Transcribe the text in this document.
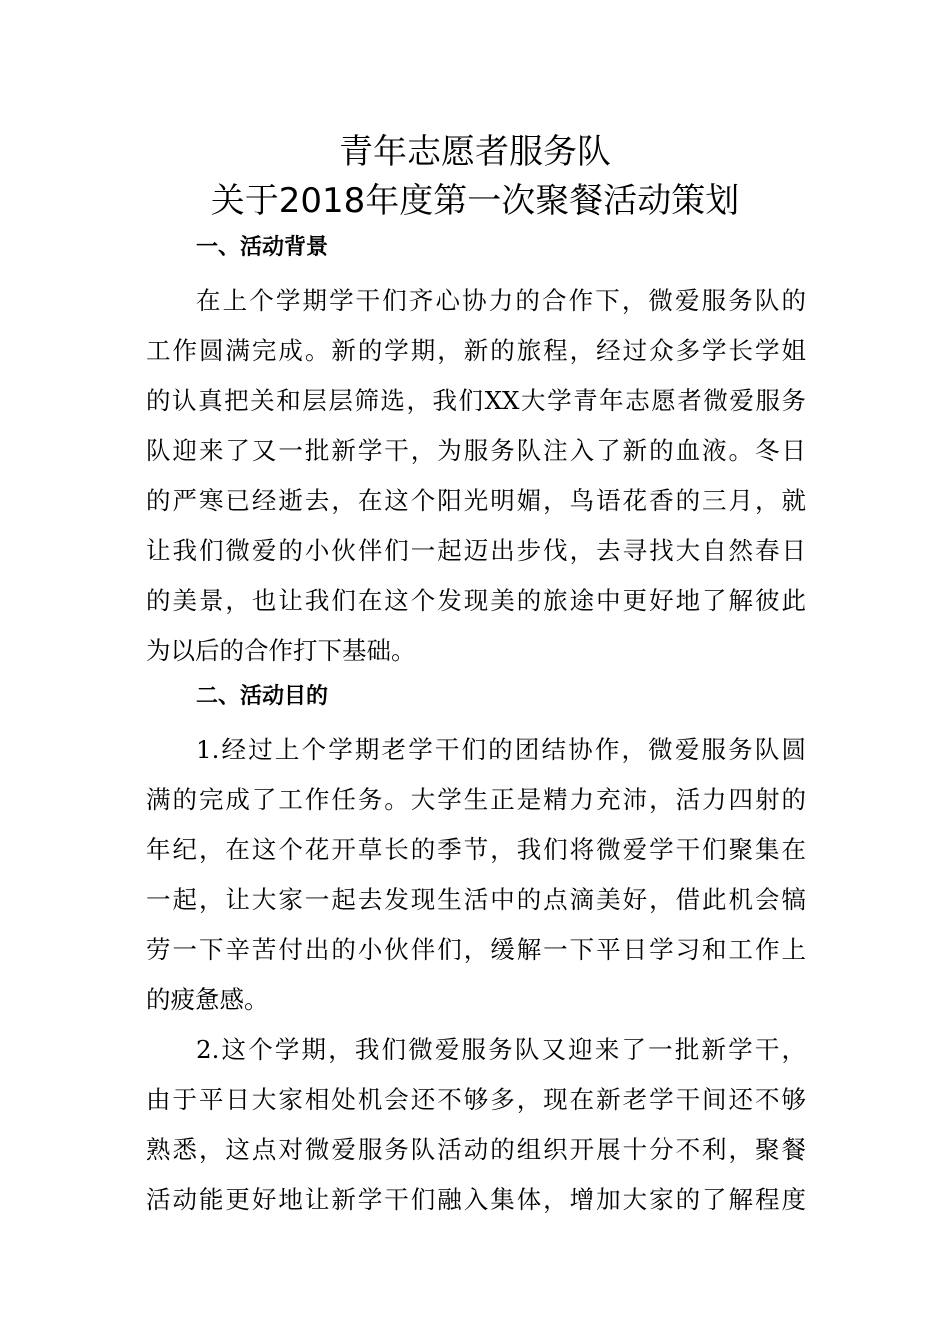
青年志愿者服务队
关于2018年度第一次聚餐活动策划
一、活动背景
在上个学期学干们齐心协力的合作下，微爱服务队的
工作圆满完成。新的学期，新的旅程，经过众多学长学姐
的认真把关和层层筛选，我们XX大学青年志愿者微爱服务
队迎来了又一批新学干，为服务队注入了新的血液。冬日
的严寒已经逝去，在这个阳光明媚，鸟语花香的三月，就
让我们微爱的小伙伴们一起迈出步伐，去寻找大自然春日
的美景，也让我们在这个发现美的旅途中更好地了解彼此
为以后的合作打下基础。
二、活动目的
1.经过上个学期老学干们的团结协作，微爱服务队圆
满的完成了工作任务。大学生正是精力充沛，活力四射的
年纪，在这个花开草长的季节，我们将微爱学干们聚集在
一起，让大家一起去发现生活中的点滴美好，借此机会犒
劳一下辛苦付出的小伙伴们，缓解一下平日学习和工作上
的疲惫感。
2.这个学期，我们微爱服务队又迎来了一批新学干，
由于平日大家相处机会还不够多，现在新老学干间还不够
熟悉，这点对微爱服务队活动的组织开展十分不利，聚餐
活动能更好地让新学干们融入集体，增加大家的了解程度
